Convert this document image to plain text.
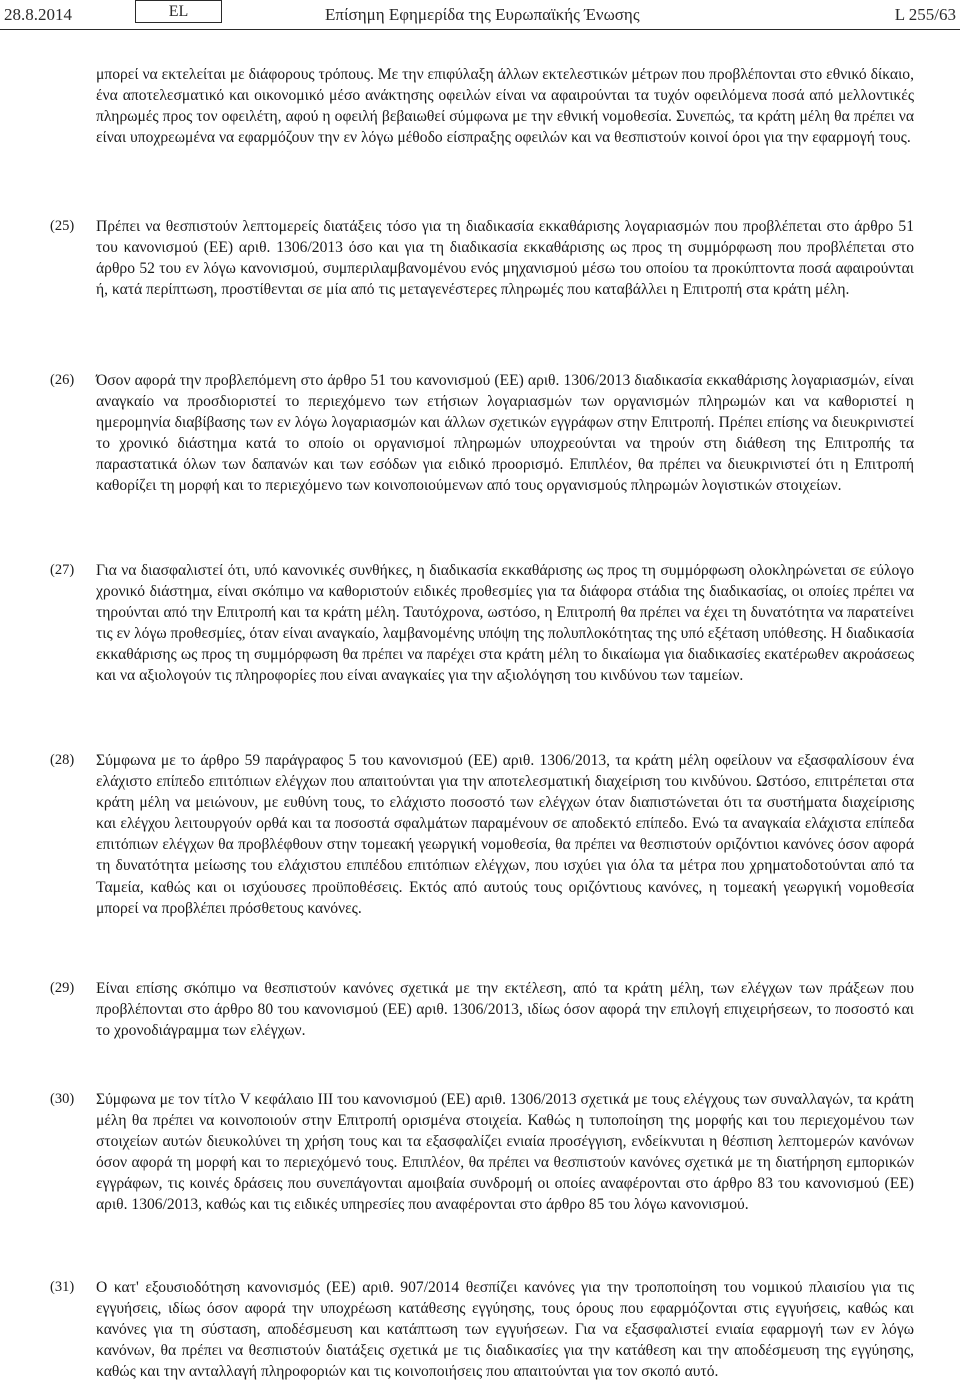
28.8.2014	EL	Επίσημη Εφημερίδα της Ευρωπαϊκής Ένωσης	L 255/63

μπορεί να εκτελείται με διάφορους τρόπους. Με την επιφύλαξη άλλων εκτελεστικών μέτρων που προβλέπονται στο εθνικό δίκαιο, ένα αποτελεσματικό και οικονομικό μέσο ανάκτησης οφειλών είναι να αφαιρούνται τα τυχόν οφειλόμενα ποσά από μελλοντικές πληρωμές προς τον οφειλέτη, αφού η οφειλή βεβαιωθεί σύμφωνα με την εθνική νομοθεσία. Συνεπώς, τα κράτη μέλη θα πρέπει να είναι υποχρεωμένα να εφαρμόζουν την εν λόγω μέθοδο είσπραξης οφειλών και να θεσπιστούν κοινοί όροι για την εφαρμογή τους.

(25)	Πρέπει να θεσπιστούν λεπτομερείς διατάξεις τόσο για τη διαδικασία εκκαθάρισης λογαριασμών που προβλέπεται στο άρθρο 51 του κανονισμού (ΕΕ) αριθ. 1306/2013 όσο και για τη διαδικασία εκκαθάρισης ως προς τη συμμόρφωση που προβλέπεται στο άρθρο 52 του εν λόγω κανονισμού, συμπεριλαμβανομένου ενός μηχανισμού μέσω του οποίου τα προκύπτοντα ποσά αφαιρούνται ή, κατά περίπτωση, προστίθενται σε μία από τις μεταγενέστερες πληρωμές που καταβάλλει η Επιτροπή στα κράτη μέλη.

(26)	Όσον αφορά την προβλεπόμενη στο άρθρο 51 του κανονισμού (ΕΕ) αριθ. 1306/2013 διαδικασία εκκαθάρισης λογαριασμών, είναι αναγκαίο να προσδιοριστεί το περιεχόμενο των ετήσιων λογαριασμών των οργανισμών πληρωμών και να καθοριστεί η ημερομηνία διαβίβασης των εν λόγω λογαριασμών και άλλων σχετικών εγγράφων στην Επιτροπή. Πρέπει επίσης να διευκρινιστεί το χρονικό διάστημα κατά το οποίο οι οργανισμοί πληρωμών υποχρεούνται να τηρούν στη διάθεση της Επιτροπής τα παραστατικά όλων των δαπανών και των εσόδων για ειδικό προορισμό. Επιπλέον, θα πρέπει να διευκρινιστεί ότι η Επιτροπή καθορίζει τη μορφή και το περιεχόμενο των κοινοποιούμενων από τους οργανισμούς πληρωμών λογιστικών στοιχείων.

(27)	Για να διασφαλιστεί ότι, υπό κανονικές συνθήκες, η διαδικασία εκκαθάρισης ως προς τη συμμόρφωση ολοκληρώνεται σε εύλογο χρονικό διάστημα, είναι σκόπιμο να καθοριστούν ειδικές προθεσμίες για τα διάφορα στάδια της διαδικασίας, οι οποίες πρέπει να τηρούνται από την Επιτροπή και τα κράτη μέλη. Ταυτόχρονα, ωστόσο, η Επιτροπή θα πρέπει να έχει τη δυνατότητα να παρατείνει τις εν λόγω προθεσμίες, όταν είναι αναγκαίο, λαμβανομένης υπόψη της πολυπλοκότητας της υπό εξέταση υπόθεσης. Η διαδικασία εκκαθάρισης ως προς τη συμμόρφωση θα πρέπει να παρέχει στα κράτη μέλη το δικαίωμα για διαδικασίες εκατέρωθεν ακροάσεως και να αξιολογούν τις πληροφορίες που είναι αναγκαίες για την αξιολόγηση του κινδύνου των ταμείων.

(28)	Σύμφωνα με το άρθρο 59 παράγραφος 5 του κανονισμού (ΕΕ) αριθ. 1306/2013, τα κράτη μέλη οφείλουν να εξασφαλίσουν ένα ελάχιστο επίπεδο επιτόπιων ελέγχων που απαιτούνται για την αποτελεσματική διαχείριση του κινδύνου. Ωστόσο, επιτρέπεται στα κράτη μέλη να μειώνουν, με ευθύνη τους, το ελάχιστο ποσοστό των ελέγχων όταν διαπιστώνεται ότι τα συστήματα διαχείρισης και ελέγχου λειτουργούν ορθά και τα ποσοστά σφαλμάτων παραμένουν σε αποδεκτό επίπεδο. Ενώ τα αναγκαία ελάχιστα επίπεδα επιτόπιων ελέγχων θα προβλέφθουν στην τομεακή γεωργική νομοθεσία, θα πρέπει να θεσπιστούν οριζόντιοι κανόνες όσον αφορά τη δυνατότητα μείωσης του ελάχιστου επιπέδου επιτόπιων ελέγχων, που ισχύει για όλα τα μέτρα που χρηματοδοτούνται από τα Ταμεία, καθώς και οι ισχύουσες προϋποθέσεις. Εκτός από αυτούς τους οριζόντιους κανόνες, η τομεακή γεωργική νομοθεσία μπορεί να προβλέπει πρόσθετους κανόνες.

(29)	Είναι επίσης σκόπιμο να θεσπιστούν κανόνες σχετικά με την εκτέλεση, από τα κράτη μέλη, των ελέγχων των πράξεων που προβλέπονται στο άρθρο 80 του κανονισμού (ΕΕ) αριθ. 1306/2013, ιδίως όσον αφορά την επιλογή επιχειρήσεων, το ποσοστό και το χρονοδιάγραμμα των ελέγχων.

(30)	Σύμφωνα με τον τίτλο V κεφάλαιο III του κανονισμού (ΕΕ) αριθ. 1306/2013 σχετικά με τους ελέγχους των συναλλαγών, τα κράτη μέλη θα πρέπει να κοινοποιούν στην Επιτροπή ορισμένα στοιχεία. Καθώς η τυποποίηση της μορφής και του περιεχομένου των στοιχείων αυτών διευκολύνει τη χρήση τους και τα εξασφαλίζει ενιαία προσέγγιση, ενδείκνυται η θέσπιση λεπτομερών κανόνων όσον αφορά τη μορφή και το περιεχόμενό τους. Επιπλέον, θα πρέπει να θεσπιστούν κανόνες σχετικά με τη διατήρηση εμπορικών εγγράφων, τις κοινές δράσεις που συνεπάγονται αμοιβαία συνδρομή οι οποίες αναφέρονται στο άρθρο 83 του κανονισμού (ΕΕ) αριθ. 1306/2013, καθώς και τις ειδικές υπηρεσίες που αναφέρονται στο άρθρο 85 του λόγω κανονισμού.

(31)	Ο κατ' εξουσιοδότηση κανονισμός (ΕΕ) αριθ. 907/2014 θεσπίζει κανόνες για την τροποποίηση του νομικού πλαισίου για τις εγγυήσεις, ιδίως όσον αφορά την υποχρέωση κατάθεσης εγγύησης, τους όρους που εφαρμόζονται στις εγγυήσεις, καθώς και κανόνες για τη σύσταση, αποδέσμευση και κατάπτωση των εγγυήσεων. Για να εξασφαλιστεί ενιαία εφαρμογή των εν λόγω κανόνων, θα πρέπει να θεσπιστούν διατάξεις σχετικά με τις διαδικασίες για την κατάθεση και την αποδέσμευση της εγγύησης, καθώς και την ανταλλαγή πληροφοριών και τις κοινοποιήσεις που απαιτούνται για τον σκοπό αυτό.
